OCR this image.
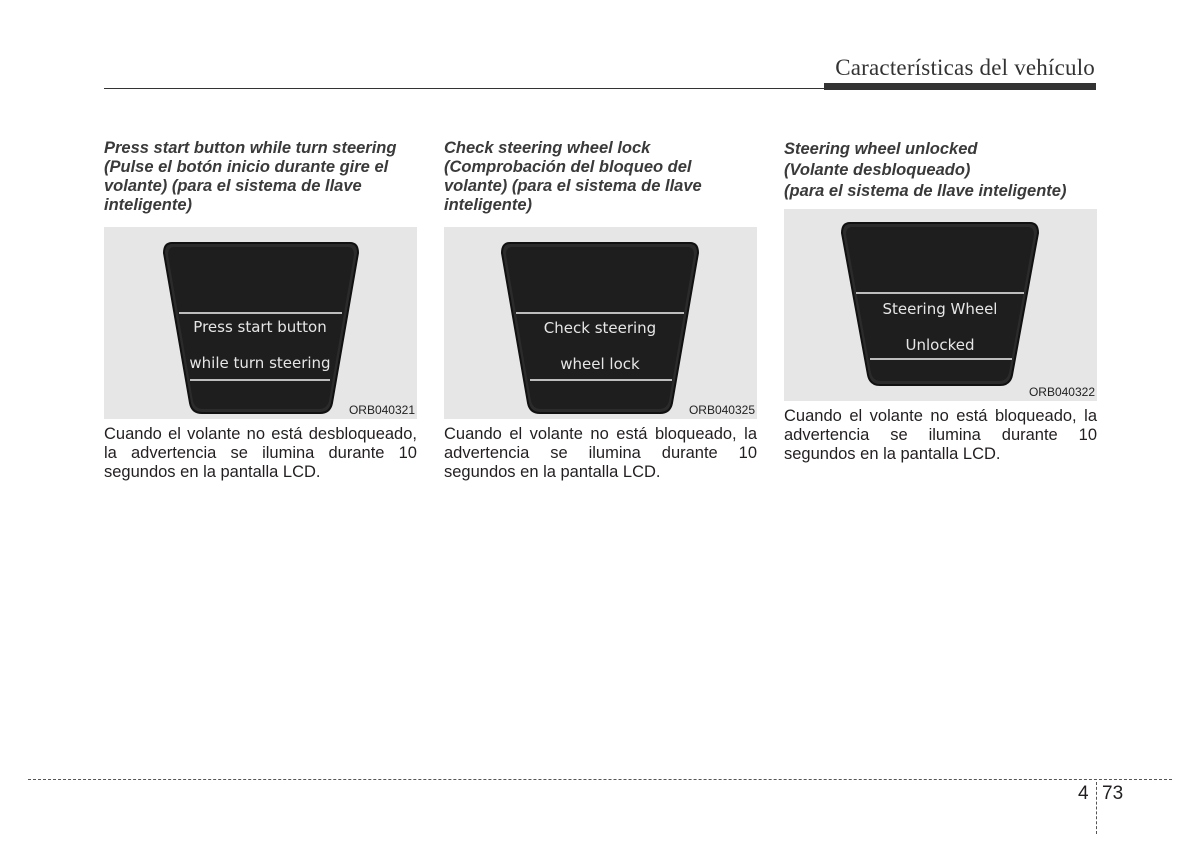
Características del vehículo

Press start button while turn steering
(Pulse el botón inicio durante gire el
volante) (para el sistema de llave
inteligente)

Press start button
while turn steering
ORB040321

Cuando el volante no está desbloqueado, la advertencia se ilumina durante 10 segundos en la pantalla LCD.

Check steering wheel lock
(Comprobación del bloqueo del
volante) (para el sistema de llave
inteligente)

Check steering
wheel lock
ORB040325

Cuando el volante no está bloqueado, la advertencia se ilumina durante 10 segundos en la pantalla LCD.

Steering wheel unlocked
(Volante desbloqueado)
(para el sistema de llave inteligente)

Steering Wheel
Unlocked
ORB040322

Cuando el volante no está bloqueado, la advertencia se ilumina durante 10 segundos en la pantalla LCD.

4 73
